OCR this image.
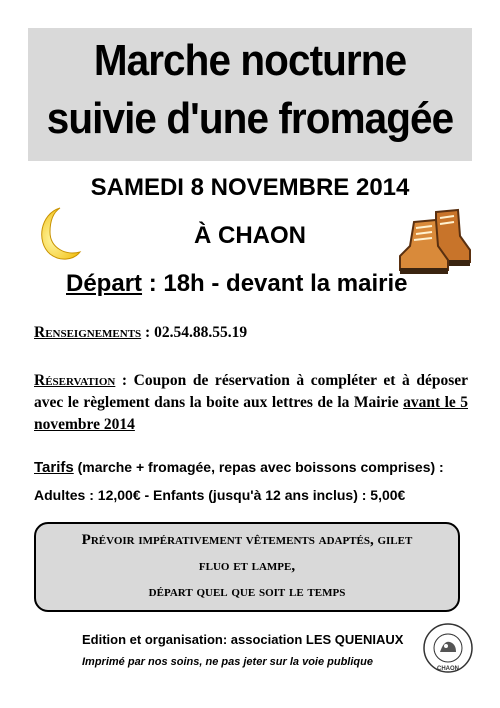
Marche nocturne
suivie d'une fromagée
SAMEDI 8 NOVEMBRE 2014
À CHAON
Départ : 18h - devant la mairie
Renseignements : 02.54.88.55.19
Réservation : Coupon de réservation à compléter et à déposer avec le règlement dans la boite aux lettres de la Mairie avant le 5 novembre 2014
Tarifs (marche + fromagée, repas avec boissons comprises) :
Adultes : 12,00€ - Enfants (jusqu'à 12 ans inclus) : 5,00€
Prévoir impérativement vêtements adaptés, gilet
fluo et lampe,
départ quel que soit le temps
Edition et organisation: association LES QUENIAUX
Imprimé par nos soins, ne pas jeter sur la voie publique
CHAON
